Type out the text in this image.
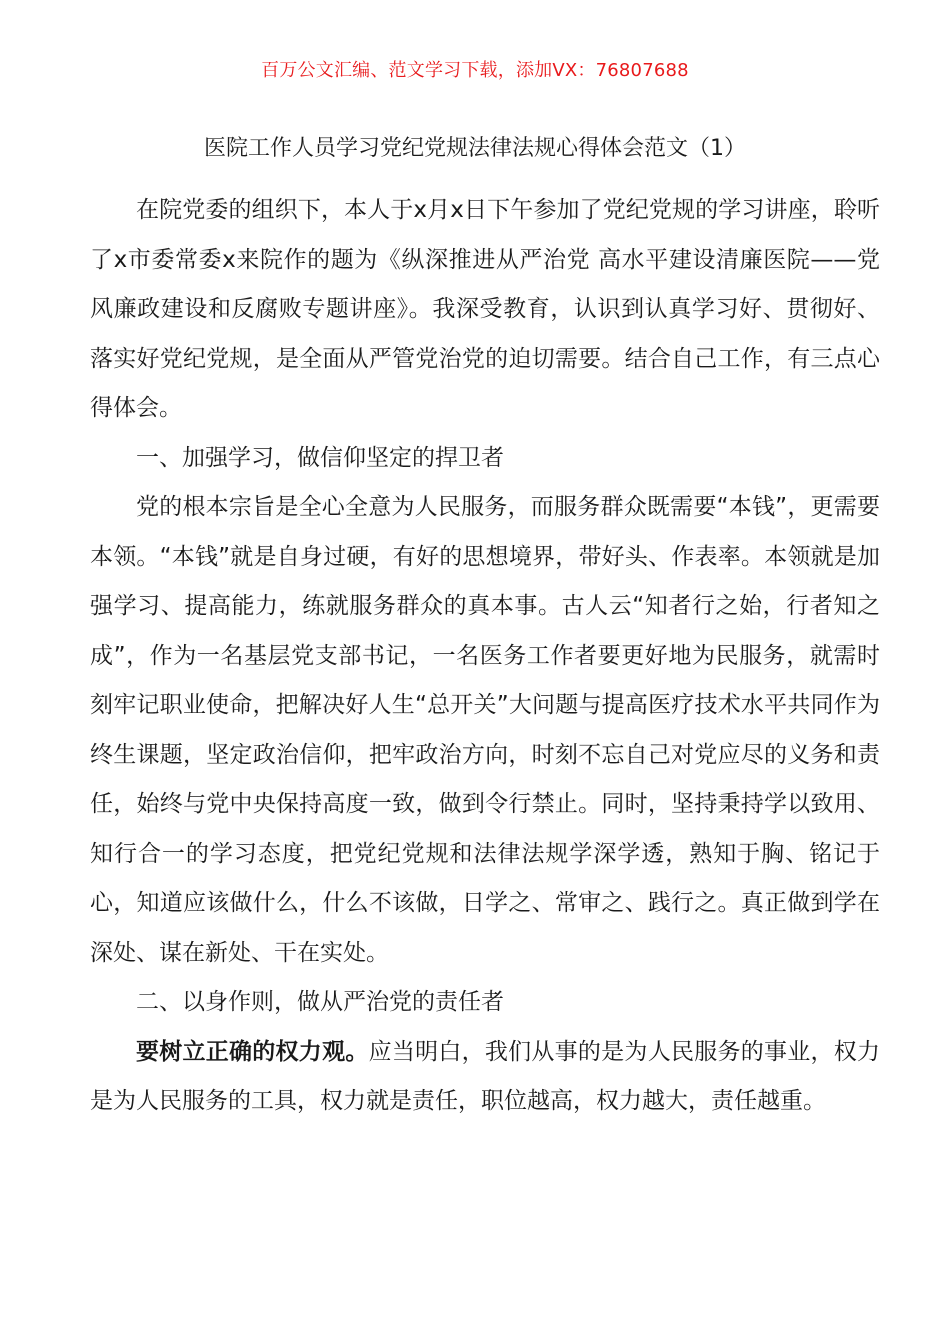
百万公文汇编、范文学习下载，添加VX：76807688
医院工作人员学习党纪党规法律法规心得体会范文（1）

在院党委的组织下，本人于x月x日下午参加了党纪党规的学习讲座，聆听了x市委常委x来院作的题为《纵深推进从严治党 高水平建设清廉医院——党风廉政建设和反腐败专题讲座》。我深受教育，认识到认真学习好、贯彻好、落实好党纪党规，是全面从严管党治党的迫切需要。结合自己工作，有三点心得体会。

一、加强学习，做信仰坚定的捍卫者

党的根本宗旨是全心全意为人民服务，而服务群众既需要“本钱”，更需要本领。“本钱”就是自身过硬，有好的思想境界，带好头、作表率。本领就是加强学习、提高能力，练就服务群众的真本事。古人云“知者行之始，行者知之成”，作为一名基层党支部书记，一名医务工作者要更好地为民服务，就需时刻牢记职业使命，把解决好人生“总开关”大问题与提高医疗技术水平共同作为终生课题，坚定政治信仰，把牢政治方向，时刻不忘自己对党应尽的义务和责任，始终与党中央保持高度一致，做到令行禁止。同时，坚持秉持学以致用、知行合一的学习态度，把党纪党规和法律法规学深学透，熟知于胸、铭记于心，知道应该做什么，什么不该做，日学之、常审之、践行之。真正做到学在深处、谋在新处、干在实处。

二、以身作则，做从严治党的责任者

要树立正确的权力观。应当明白，我们从事的是为人民服务的事业，权力是为人民服务的工具，权力就是责任，职位越高，权力越大，责任越重。
